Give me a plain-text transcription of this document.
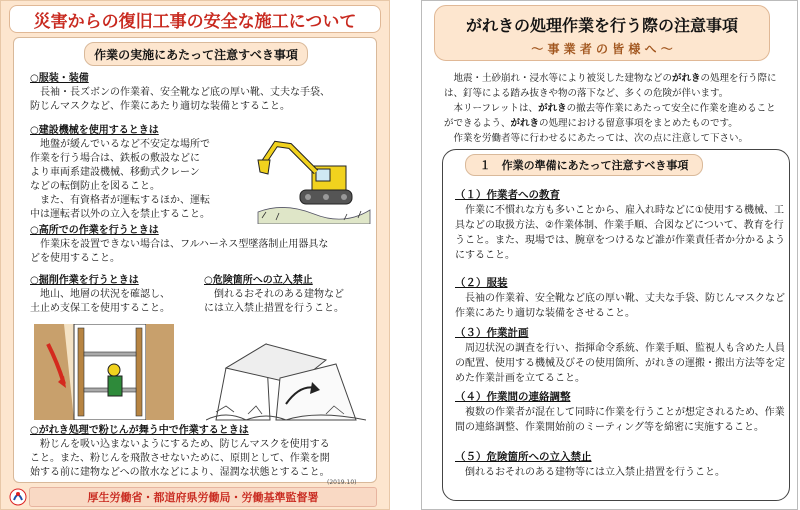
災害からの復旧工事の安全な施工について
作業の実施にあたって注意すべき事項
○服装・装備
　長袖・長ズボンの作業着、安全靴など底の厚い靴、丈夫な手袋、
防じんマスクなど、作業にあたり適切な装備とすること。
○建設機械を使用するときは
　地盤が緩んでいるなど不安定な場所で
作業を行う場合は、鉄板の敷設などに
より車両系建設機械、移動式クレーン
などの転倒防止を図ること。
　また、有資格者が運転するほか、運転
中は運転者以外の立入を禁止すること。
○高所での作業を行うときは
　作業床を設置できない場合は、フルハーネス型墜落制止用器具な
どを使用すること。
○掘削作業を行うときは
　地山、地層の状況を確認し、
土止め支保工を使用すること。
○危険箇所への立入禁止
　倒れるおそれのある建物など
には立入禁止措置を行うこと。
○がれき処理で粉じんが舞う中で作業するときは
　粉じんを吸い込まないようにするため、防じんマスクを使用する
こと。また、粉じんを飛散させないために、原則として、作業を開
始する前に建物などへの散水などにより、湿潤な状態とすること。
(2019.10)
厚生労働省・都道府県労働局・労働基準監督署
がれきの処理作業を行う際の注意事項
～ 事 業 者 の 皆 様 へ ～

地震・土砂崩れ・浸水等により被災した建物などのがれきの処理を行う際には、釘等による踏み抜きや物の落下など、多くの危険が伴います。

本リーフレットは、がれきの撤去等作業にあたって安全に作業を進めることができるよう、がれきの処理における留意事項をまとめたものです。

作業を労働者等に行わせるにあたっては、次の点に注意して下さい。

１　作業の準備にあたって注意すべき事項
（１）作業者への教育
作業に不慣れな方も多いことから、雇入れ時などに①使用する機械、工具などの取扱方法、②作業体制、作業手順、合図などについて、教育を行うこと。また、現場では、腕章をつけるなど誰が作業責任者か分かるようにすること。
（２）服装
長袖の作業着、安全靴など底の厚い靴、丈夫な手袋、防じんマスクなど作業にあたり適切な装備をさせること。
（３）作業計画
周辺状況の調査を行い、指揮命令系統、作業手順、監視人も含めた人員の配置、使用する機械及びその使用箇所、がれきの運搬・搬出方法等を定めた作業計画を立てること。
（４）作業間の連絡調整
複数の作業者が混在して同時に作業を行うことが想定されるため、作業間の連絡調整、作業開始前のミーティング等を綿密に実施すること。
（５）危険箇所への立入禁止
倒れるおそれのある建物等には立入禁止措置を行うこと。
